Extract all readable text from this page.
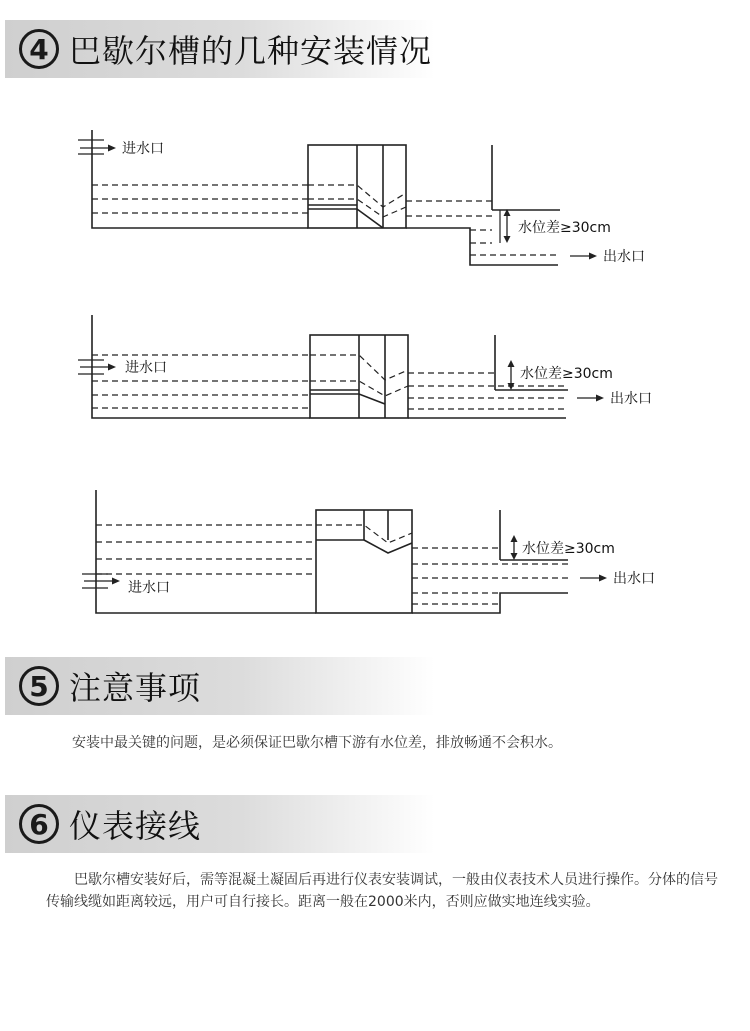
4 巴歇尔槽的几种安装情况
进水口
水位差≥30cm
出水口
进水口	水位差≥30cm
出水口
进水口
水位差≥30cm
出水口
5 注意事项
安装中最关键的问题，是必须保证巴歇尔槽下游有水位差，排放畅通不会积水。
6 仪表接线
巴歇尔槽安装好后，需等混凝土凝固后再进行仪表安装调试，一般由仪表技术人员进行操作。分体的信号传输线缆如距离较远，用户可自行接长。距离一般在2000米内，否则应做实地连线实验。
